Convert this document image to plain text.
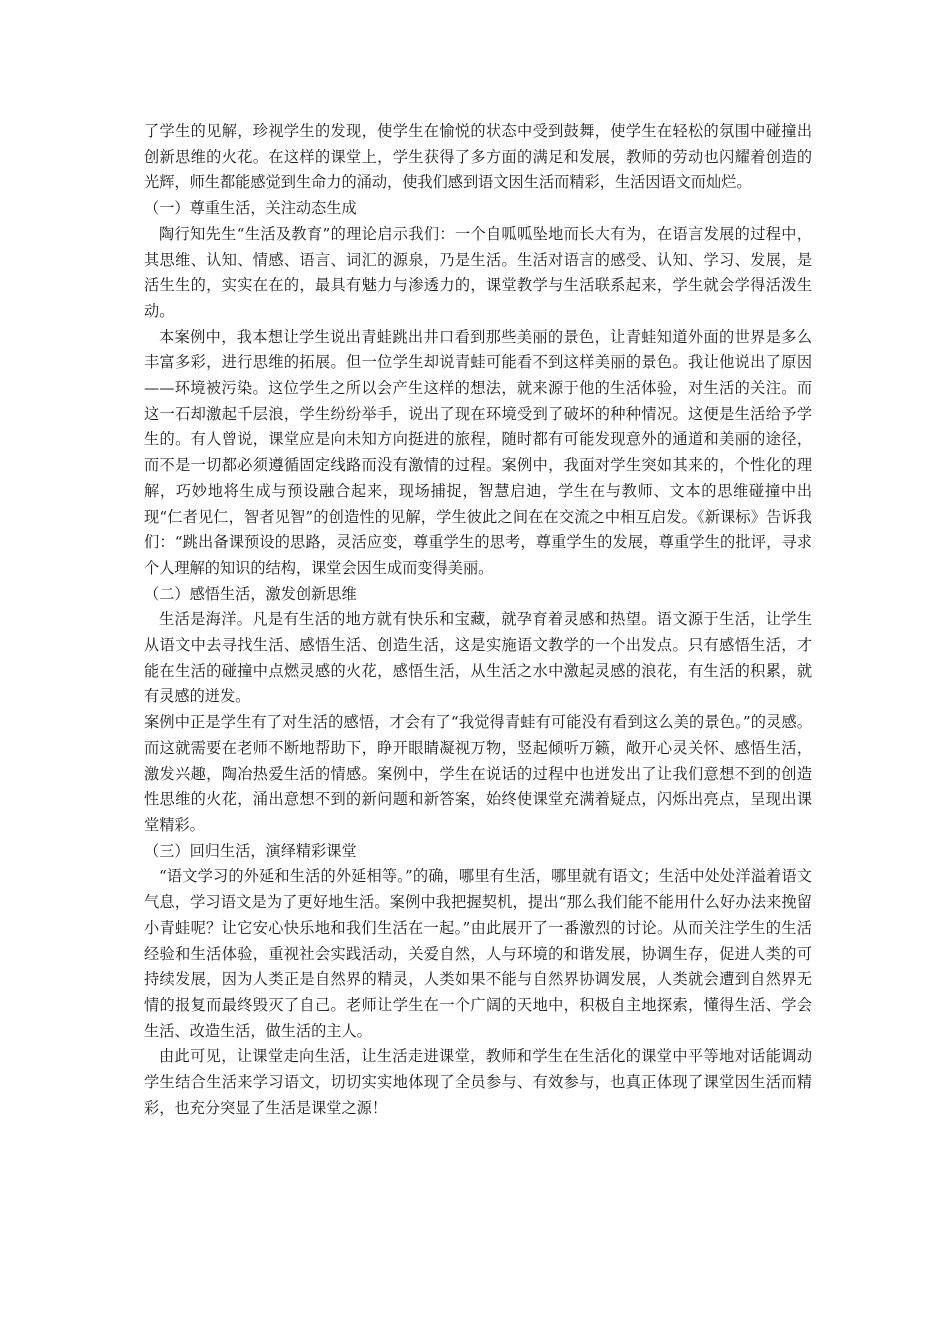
了学生的见解，珍视学生的发现，使学生在愉悦的状态中受到鼓舞，使学生在轻松的氛围中碰撞出创新思维的火花。在这样的课堂上，学生获得了多方面的满足和发展，教师的劳动也闪耀着创造的光辉，师生都能感觉到生命力的涌动，使我们感到语文因生活而精彩，生活因语文而灿烂。

（一）尊重生活，关注动态生成

陶行知先生“生活及教育”的理论启示我们：一个自呱呱坠地而长大有为，在语言发展的过程中，其思维、认知、情感、语言、词汇的源泉，乃是生活。生活对语言的感受、认知、学习、发展，是活生生的，实实在在的，最具有魅力与渗透力的，课堂教学与生活联系起来，学生就会学得活泼生动。

本案例中，我本想让学生说出青蛙跳出井口看到那些美丽的景色，让青蛙知道外面的世界是多么丰富多彩，进行思维的拓展。但一位学生却说青蛙可能看不到这样美丽的景色。我让他说出了原因——环境被污染。这位学生之所以会产生这样的想法，就来源于他的生活体验，对生活的关注。而这一石却激起千层浪，学生纷纷举手，说出了现在环境受到了破坏的种种情况。这便是生活给予学生的。有人曾说，课堂应是向未知方向挺进的旅程，随时都有可能发现意外的通道和美丽的途径，而不是一切都必须遵循固定线路而没有激情的过程。案例中，我面对学生突如其来的，个性化的理解，巧妙地将生成与预设融合起来，现场捕捉，智慧启迪，学生在与教师、文本的思维碰撞中出现“仁者见仁，智者见智”的创造性的见解，学生彼此之间在在交流之中相互启发。《新课标》告诉我们：“跳出备课预设的思路，灵活应变，尊重学生的思考，尊重学生的发展，尊重学生的批评，寻求个人理解的知识的结构，课堂会因生成而变得美丽。

（二）感悟生活，激发创新思维

生活是海洋。凡是有生活的地方就有快乐和宝藏，就孕育着灵感和热望。语文源于生活，让学生从语文中去寻找生活、感悟生活、创造生活，这是实施语文教学的一个出发点。只有感悟生活，才能在生活的碰撞中点燃灵感的火花，感悟生活，从生活之水中激起灵感的浪花，有生活的积累，就有灵感的迸发。

案例中正是学生有了对生活的感悟，才会有了“我觉得青蛙有可能没有看到这么美的景色。”的灵感。而这就需要在老师不断地帮助下，睁开眼睛凝视万物，竖起倾听万籁，敞开心灵关怀、感悟生活，激发兴趣，陶冶热爱生活的情感。案例中，学生在说话的过程中也迸发出了让我们意想不到的创造性思维的火花，涌出意想不到的新问题和新答案，始终使课堂充满着疑点，闪烁出亮点，呈现出课堂精彩。

（三）回归生活，演绎精彩课堂

“语文学习的外延和生活的外延相等。”的确，哪里有生活，哪里就有语文；生活中处处洋溢着语文气息，学习语文是为了更好地生活。案例中我把握契机，提出“那么我们能不能用什么好办法来挽留小青蛙呢？让它安心快乐地和我们生活在一起。”由此展开了一番激烈的讨论。从而关注学生的生活经验和生活体验，重视社会实践活动，关爱自然，人与环境的和谐发展，协调生存，促进人类的可持续发展，因为人类正是自然界的精灵，人类如果不能与自然界协调发展，人类就会遭到自然界无情的报复而最终毁灭了自己。老师让学生在一个广阔的天地中，积极自主地探索，懂得生活、学会生活、改造生活，做生活的主人。

由此可见，让课堂走向生活，让生活走进课堂，教师和学生在生活化的课堂中平等地对话能调动学生结合生活来学习语文，切切实实地体现了全员参与、有效参与，也真正体现了课堂因生活而精彩，也充分突显了生活是课堂之源！
